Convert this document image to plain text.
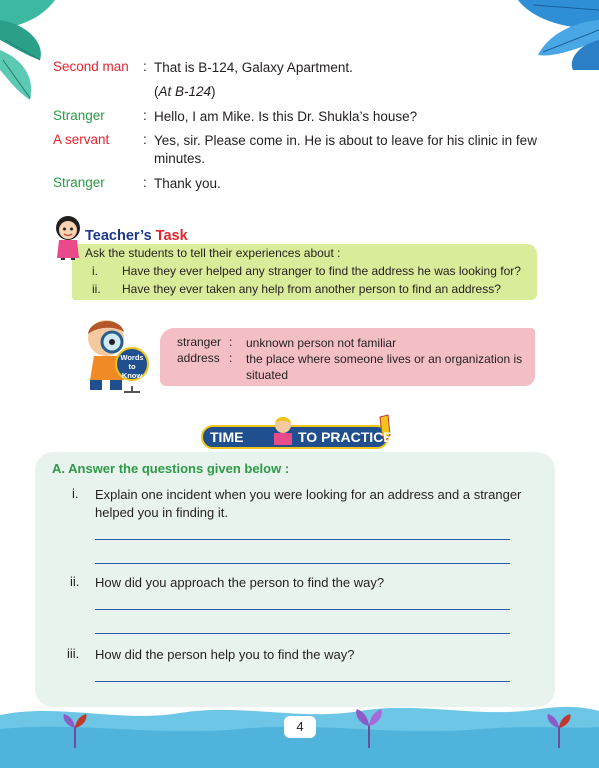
Second man : That is B-124, Galaxy Apartment.
(At B-124)
Stranger	: Hello, I am Mike. Is this Dr. Shukla’s house?
A servant : Yes, sir. Please come in. He is about to leave for his clinic in few
minutes.
Stranger	: Thank you.
Teacher’s Task
Ask the students to tell their experiences about :
i. Have they ever helped any stranger to find the address he was looking for?
ii. Have they ever taken any help from another person to find an address?
Words
to
Know
stranger : unknown person not familiar
address : the place where someone lives or an organization is situated
TIME	TO PRACTICE
A. Answer the questions given below :
i. Explain one incident when you were looking for an address and a stranger helped you in finding it.
ii. How did you approach the person to find the way?
iii. How did the person help you to find the way?
4
